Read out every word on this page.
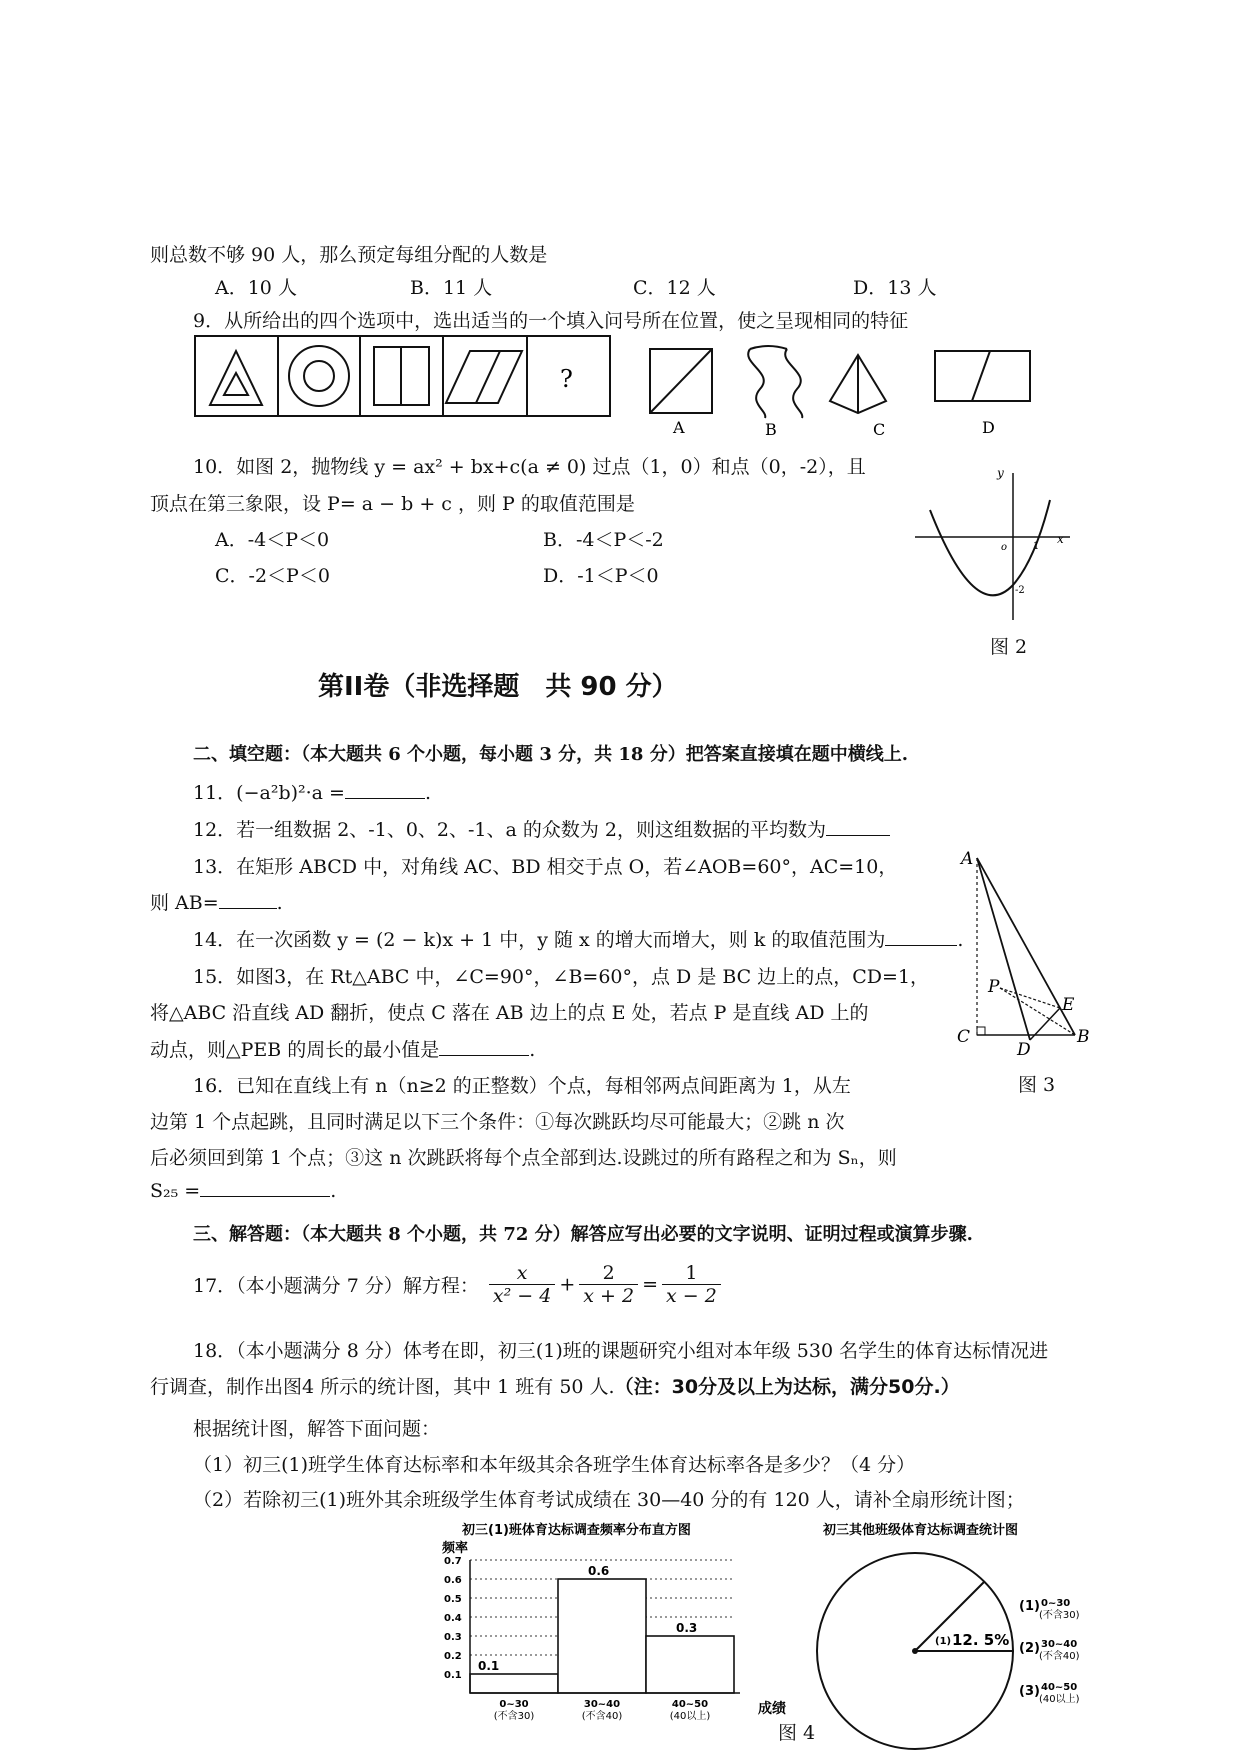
则总数不够 90 人，那么预定每组分配的人数是
A．10 人	B．11 人	C．12 人	D．13 人
9．从所给出的四个选项中，选出适当的一个填入问号所在位置，使之呈现相同的特征
?
A	B	C	D
10．如图 2，抛物线 y = ax² + bx+c(a ≠ 0) 过点（1，0）和点（0，-2），且
顶点在第三象限，设 P= a − b + c ，则 P 的取值范围是
A．-4＜P＜0	B．-4＜P＜-2
C．-2＜P＜0	D．-1＜P＜0
y
x
o	1
-2
图 2
第II卷（非选择题　共 90 分）
二、填空题：（本大题共 6 个小题，每小题 3 分，共 18 分）把答案直接填在题中横线上.
11．(−a²b)²·a =	.
12．若一组数据 2、-1、0、2、-1、a 的众数为 2，则这组数据的平均数为
13．在矩形 ABCD 中，对角线 AC、BD 相交于点 O，若∠AOB=60°，AC=10，
则 AB=	.
14．在一次函数 y = (2 − k)x + 1 中，y 随 x 的增大而增大，则 k 的取值范围为	.
15．如图3，在 Rt△ABC 中，∠C=90°，∠B=60°，点 D 是 BC 边上的点，CD=1，
将△ABC 沿直线 AD 翻折，使点 C 落在 AB 边上的点 E 处，若点 P 是直线 AD 上的
动点，则△PEB 的周长的最小值是	.
A
P
E
C
D
B
图 3
16．已知在直线上有 n（n≥2 的正整数）个点，每相邻两点间距离为 1，从左
边第 1 个点起跳，且同时满足以下三个条件：①每次跳跃均尽可能最大；②跳 n 次
后必须回到第 1 个点；③这 n 次跳跃将每个点全部到达.设跳过的所有路程之和为 Sₙ，则
S₂₅ =	.
三、解答题：（本大题共 8 个小题，共 72 分）解答应写出必要的文字说明、证明过程或演算步骤.
17．（本小题满分 7 分）解方程： $\frac{x}{\text{x² − 4}} + \frac{2}{x + 2} = \frac{1}{x - 2}$
18．（本小题满分 8 分）体考在即，初三(1)班的课题研究小组对本年级 530 名学生的体育达标情况进
行调查，制作出图4 所示的统计图，其中 1 班有 50 人.（注：30分及以上为达标，满分50分.）
根据统计图，解答下面问题：
（1）初三(1)班学生体育达标率和本年级其余各班学生体育达标率各是多少？（4 分）
（2）若除初三(1)班外其余班级学生体育考试成绩在 30—40 分的有 120 人，请补全扇形统计图；
初三(1)班体育达标调查频率分布直方图
频率
0.1
0.2
0.3
0.4
0.5
0.6
0.7
0.1
0.6
0.3
0~30
(不含30)
30~40
(不含40)
40~50
(40以上)	成绩
初三其他班级体育达标调查统计图
(1) 12. 5%
(1) 0~30
(不含30)
(2) 30~40
(不含40)
(3) 40~50
(40以上)
图 4
